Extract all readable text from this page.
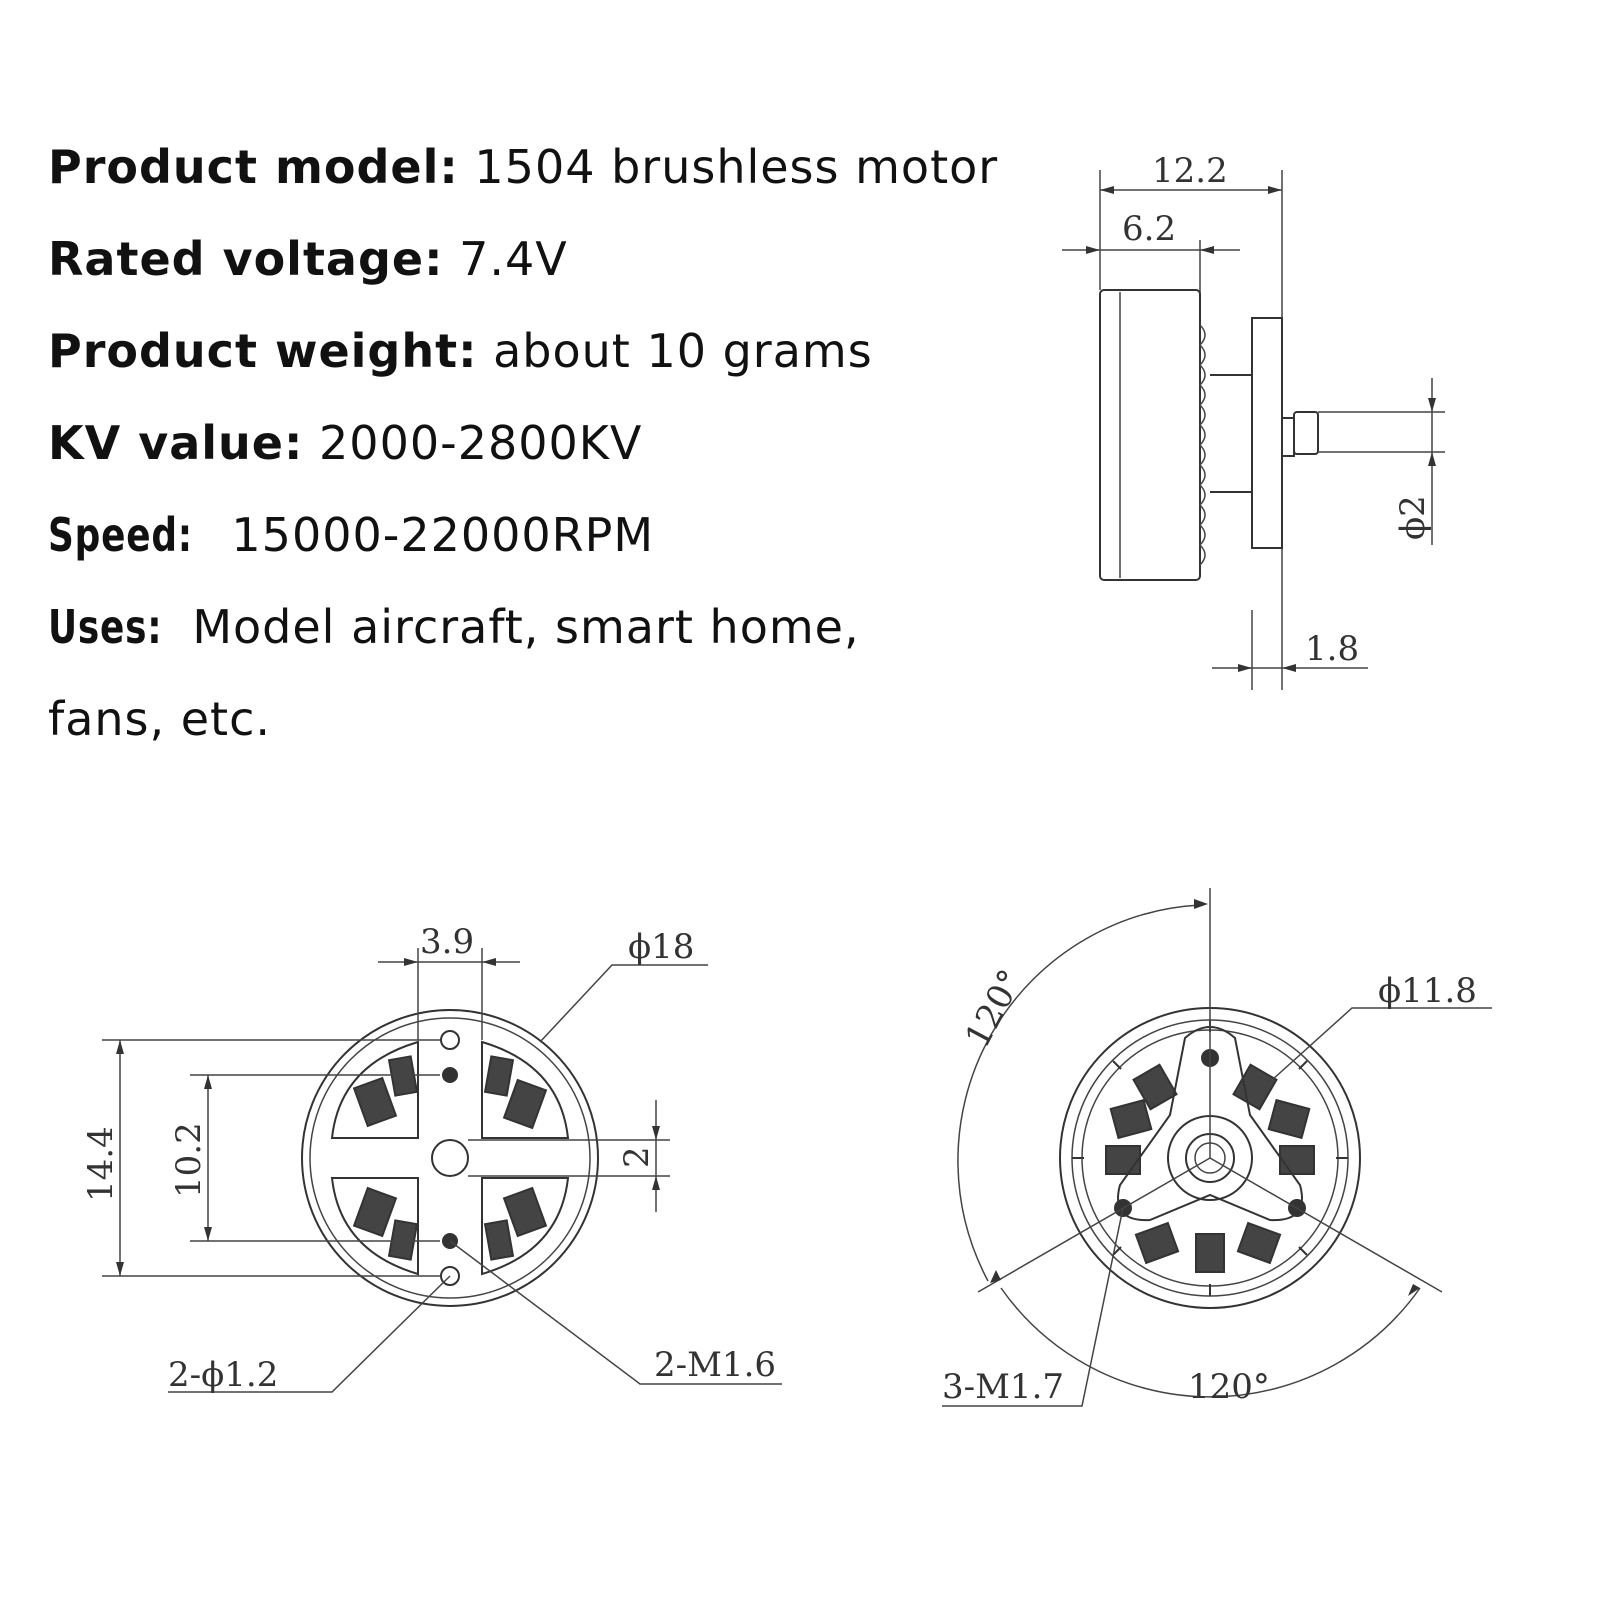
Product model: 1504 brushless motor
Rated voltage: 7.4V
Product weight: about 10 grams
KV value: 2000-2800KV
Speed: 15000-22000RPM
Uses: Model aircraft, smart home,
fans, etc.
12.2
6.2
ϕ2
1.8
3.9	ϕ18
14.4 10.2	2
2-ϕ1.2	2-M1.6
120°
120°
ϕ11.8
3-M1.7
